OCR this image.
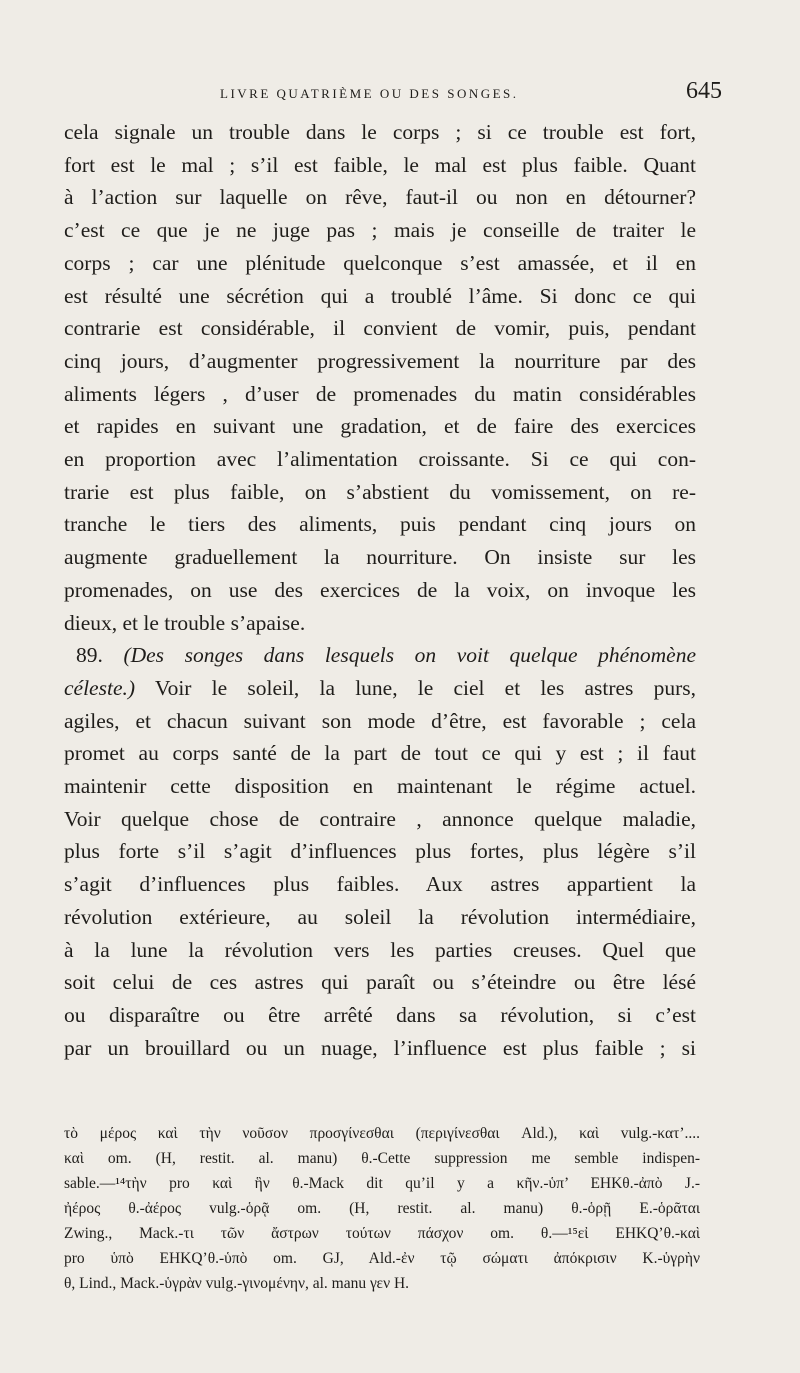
LIVRE QUATRIÈME OU DES SONGES.	645
cela signale un trouble dans le corps ; si ce trouble est fort,
fort est le mal ; s’il est faible, le mal est plus faible. Quant
à l’action sur laquelle on rêve, faut-il ou non en détourner?
c’est ce que je ne juge pas ; mais je conseille de traiter le
corps ; car une plénitude quelconque s’est amassée, et il en
est résulté une sécrétion qui a troublé l’âme. Si donc ce qui
contrarie est considérable, il convient de vomir, puis, pendant
cinq jours, d’augmenter progressivement la nourriture par des
aliments légers , d’user de promenades du matin considérables
et rapides en suivant une gradation, et de faire des exercices
en proportion avec l’alimentation croissante. Si ce qui con-
trarie est plus faible, on s’abstient du vomissement, on re-
tranche le tiers des aliments, puis pendant cinq jours on
augmente graduellement la nourriture. On insiste sur les
promenades, on use des exercices de la voix, on invoque les
dieux, et le trouble s’apaise.
89. (Des songes dans lesquels on voit quelque phénomène
céleste.) Voir le soleil, la lune, le ciel et les astres purs,
agiles, et chacun suivant son mode d’être, est favorable ; cela
promet au corps santé de la part de tout ce qui y est ; il faut
maintenir cette disposition en maintenant le régime actuel.
Voir quelque chose de contraire , annonce quelque maladie,
plus forte s’il s’agit d’influences plus fortes, plus légère s’il
s’agit d’influences plus faibles. Aux astres appartient la
révolution extérieure, au soleil la révolution intermédiaire,
à la lune la révolution vers les parties creuses. Quel que
soit celui de ces astres qui paraît ou s’éteindre ou être lésé
ou disparaître ou être arrêté dans sa révolution, si c’est
par un brouillard ou un nuage, l’influence est plus faible ; si
τὸ μέρος καὶ τὴν νοῦσον προσγίνεσθαι (περιγίνεσθαι Ald.), καὶ vulg.-κατ’....
καὶ om. (H, restit. al. manu) θ.-Cette suppression me semble indispen-
sable.—¹⁴τὴν pro καὶ ἣν θ.-Mack dit qu’il y a κῆν.-ὑπ’ EHKθ.-ἀπὸ J.-
ἠέρος θ.-ἀέρος vulg.-ὁρᾷ om. (H, restit. al. manu) θ.-ὁρῇ E.-ὁρᾶται
Zwing., Mack.-τι τῶν ἄστρων τούτων πάσχον om. θ.—¹⁵εἰ EHKQ’θ.-καὶ
pro ὑπὸ EHKQ’θ.-ὑπὸ om. GJ, Ald.-ἐν τῷ σώματι ἀπόκρισιν K.-ὑγρὴν
θ, Lind., Mack.-ὑγρὰν vulg.-γινομένην, al. manu γεν H.
